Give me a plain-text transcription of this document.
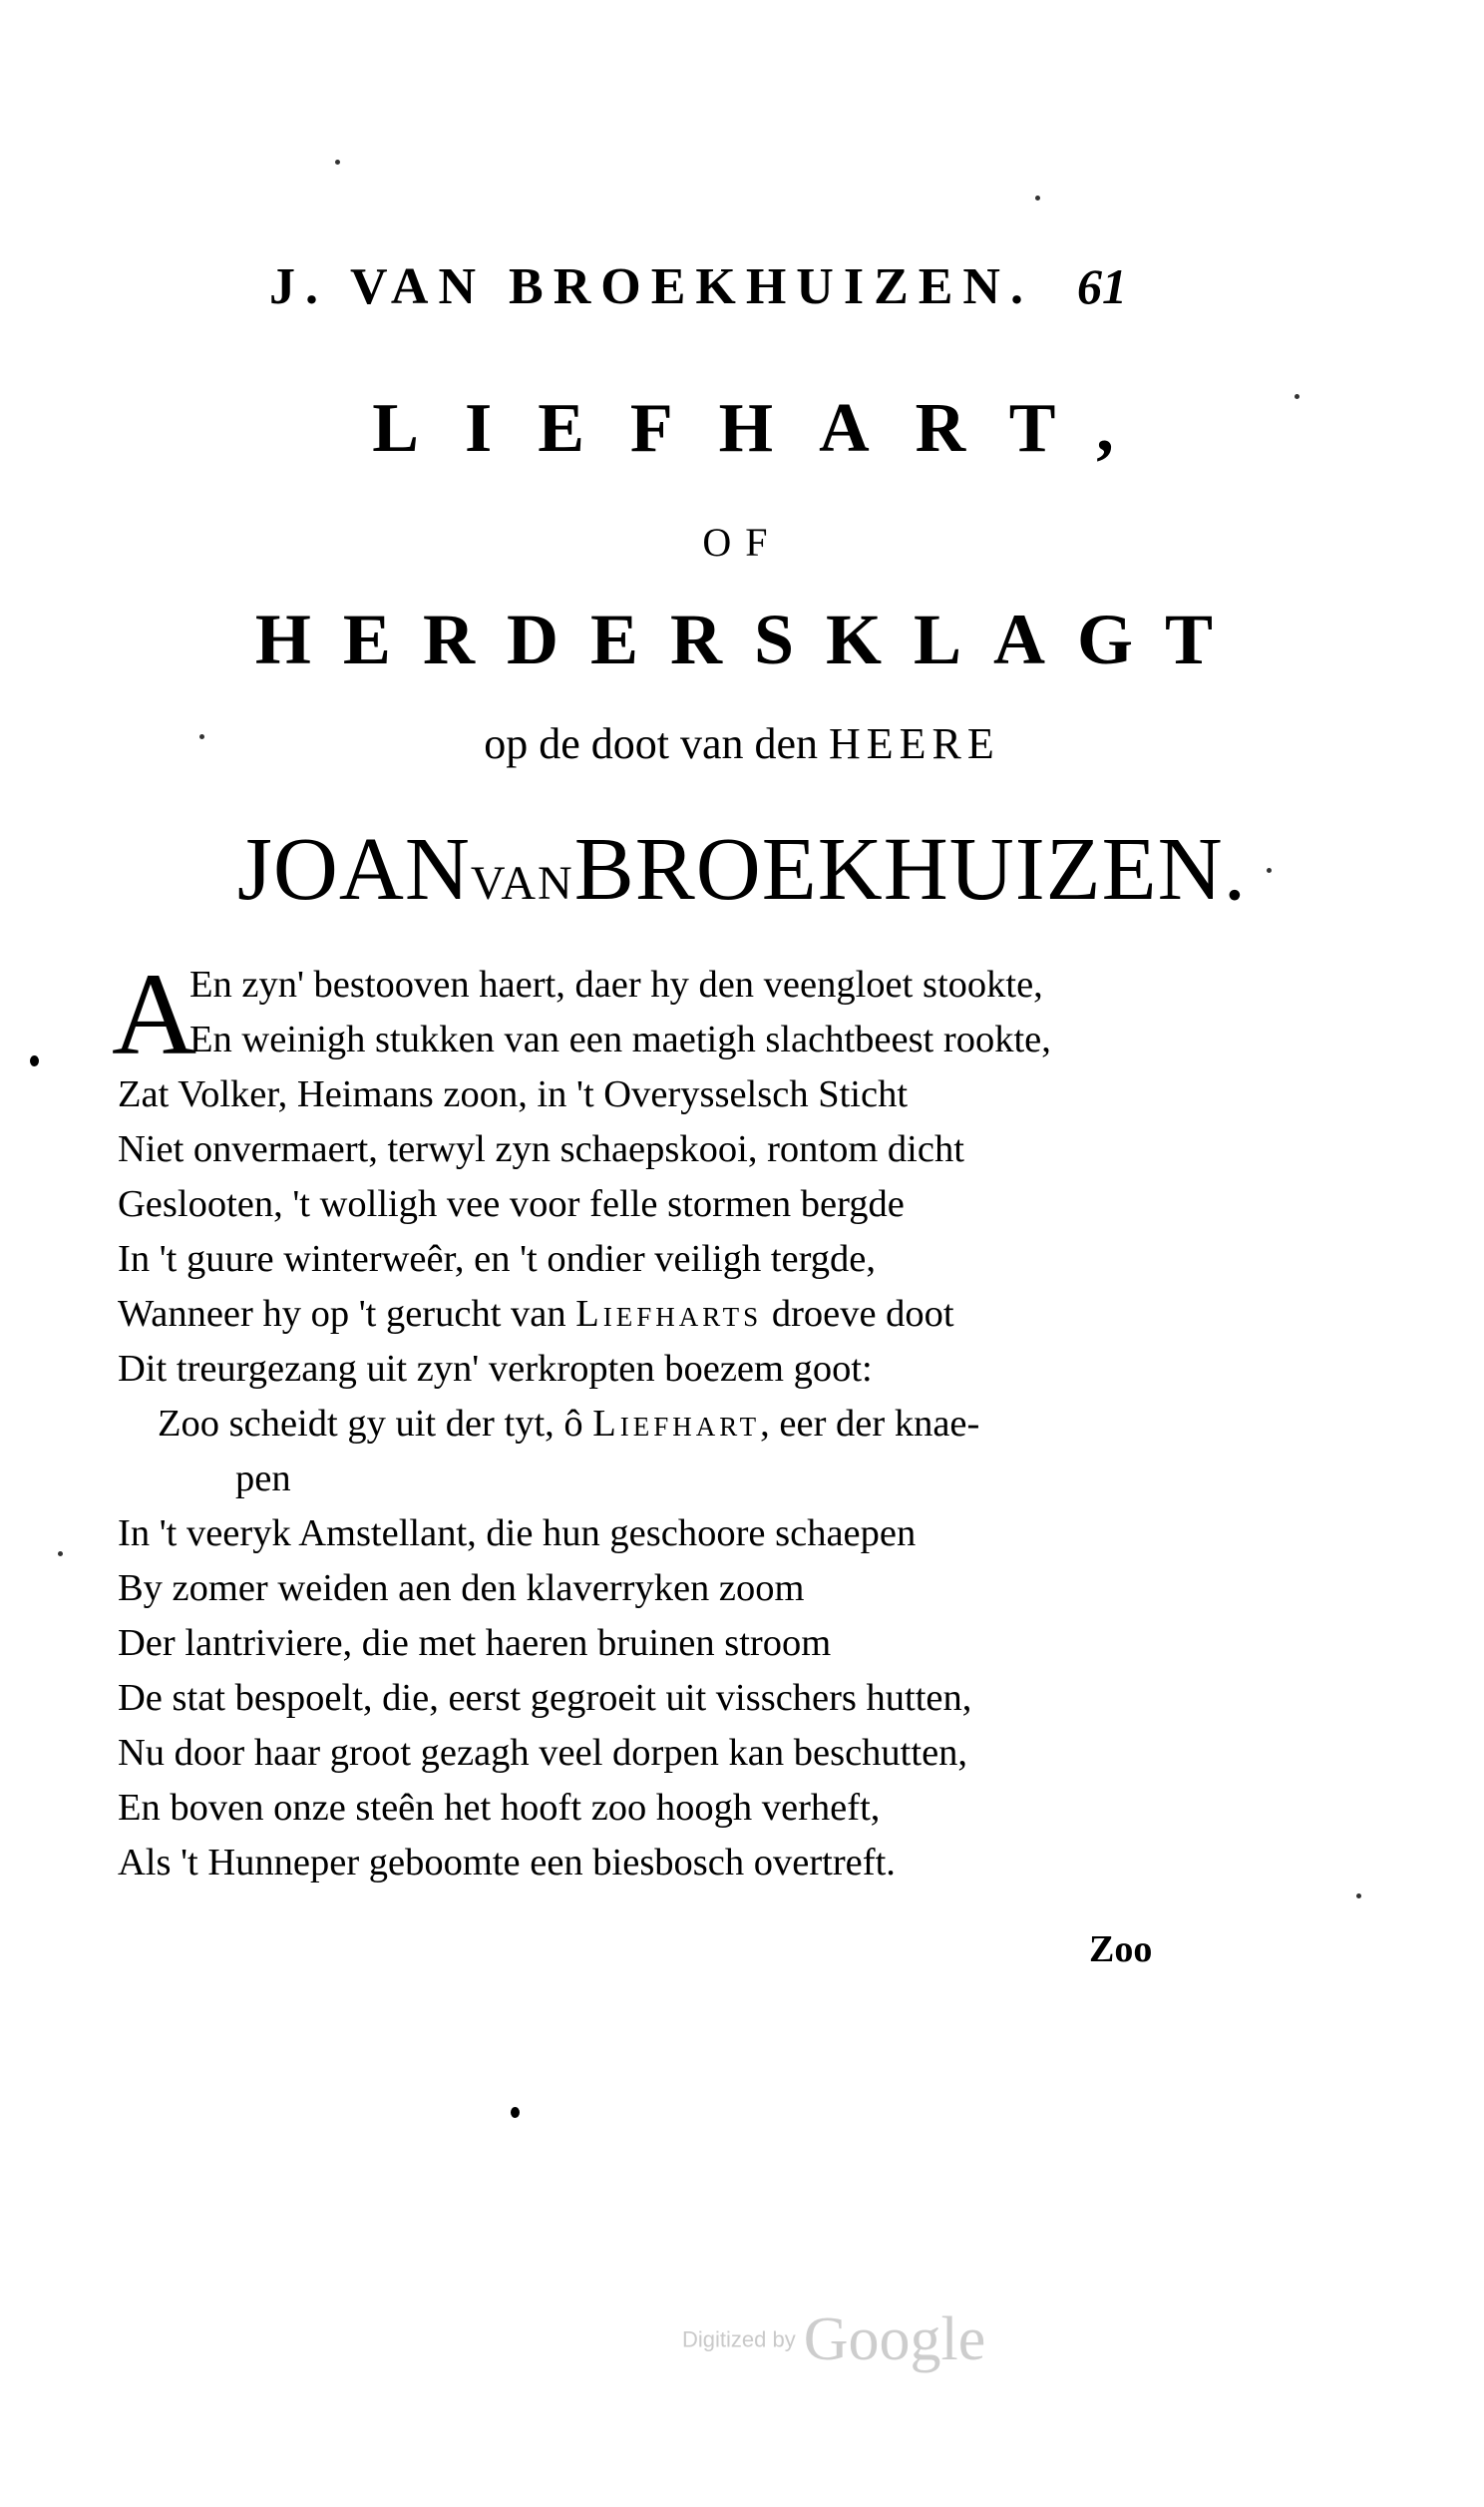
J. VAN BROEKHUIZEN. 61
LIEFHART,
OF
HERDERSKLAGT
op de doot van den HEERE
JOANVANBROEKHUIZEN.
A
En zyn' bestooven haert, daer hy den veengloet stookte,
En weinigh stukken van een maetigh slachtbeest rookte,
Zat Volker, Heimans zoon, in 't Overysselsch Sticht
Niet onvermaert, terwyl zyn schaepskooi, rontom dicht
Geslooten, 't wolligh vee voor felle stormen bergde
In 't guure winterweêr, en 't ondier veiligh tergde,
Wanneer hy op 't gerucht van Liefharts droeve doot
Dit treurgezang uit zyn' verkropten boezem goot:
Zoo scheidt gy uit der tyt, ô Liefhart, eer der knae-
pen
In 't veeryk Amstellant, die hun geschoore schaepen
By zomer weiden aen den klaverryken zoom
Der lantriviere, die met haeren bruinen stroom
De stat bespoelt, die, eerst gegroeit uit visschers hutten,
Nu door haar groot gezagh veel dorpen kan beschutten,
En boven onze steên het hooft zoo hoogh verheft,
Als 't Hunneper geboomte een biesbosch overtreft.
Zoo
Digitized by Google
